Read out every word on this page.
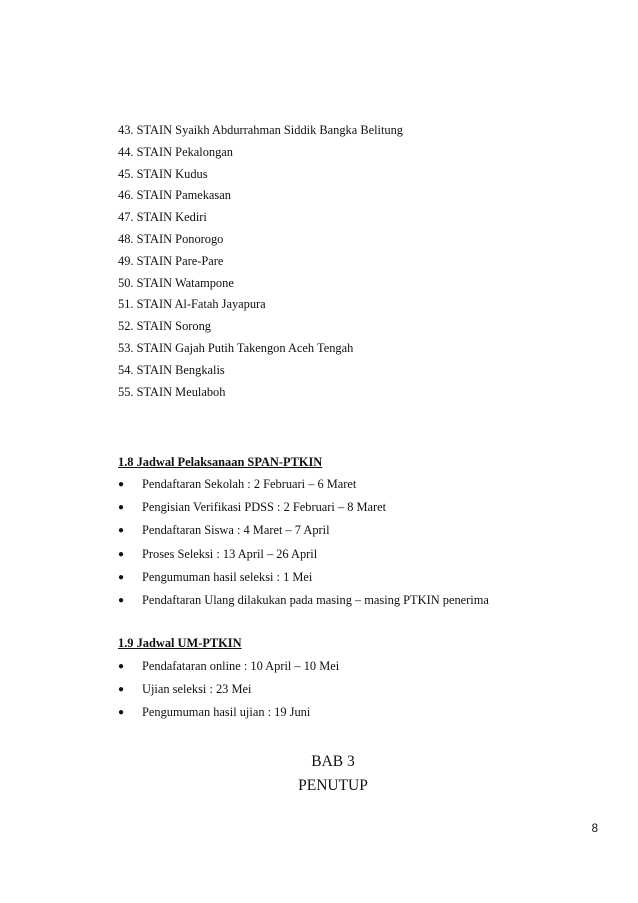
43. STAIN Syaikh Abdurrahman Siddik Bangka Belitung
44. STAIN Pekalongan
45. STAIN Kudus
46. STAIN Pamekasan
47. STAIN Kediri
48. STAIN Ponorogo
49. STAIN Pare-Pare
50. STAIN Watampone
51. STAIN Al-Fatah Jayapura
52. STAIN Sorong
53. STAIN Gajah Putih Takengon Aceh Tengah
54. STAIN Bengkalis
55. STAIN Meulaboh

1.8 Jadwal Pelaksanaan SPAN-PTKIN

●	Pendaftaran Sekolah : 2 Februari – 6 Maret
●	Pengisian Verifikasi PDSS : 2 Februari – 8 Maret
●	Pendaftaran Siswa : 4 Maret – 7 April
●	Proses Seleksi : 13 April – 26 April
●	Pengumuman hasil seleksi : 1 Mei
●	Pendaftaran Ulang dilakukan pada masing – masing PTKIN penerima

1.9 Jadwal UM-PTKIN

●	Pendafataran online : 10 April – 10 Mei
●	Ujian seleksi : 23 Mei
●	Pengumuman hasil ujian : 19 Juni

BAB 3

PENUTUP

8
